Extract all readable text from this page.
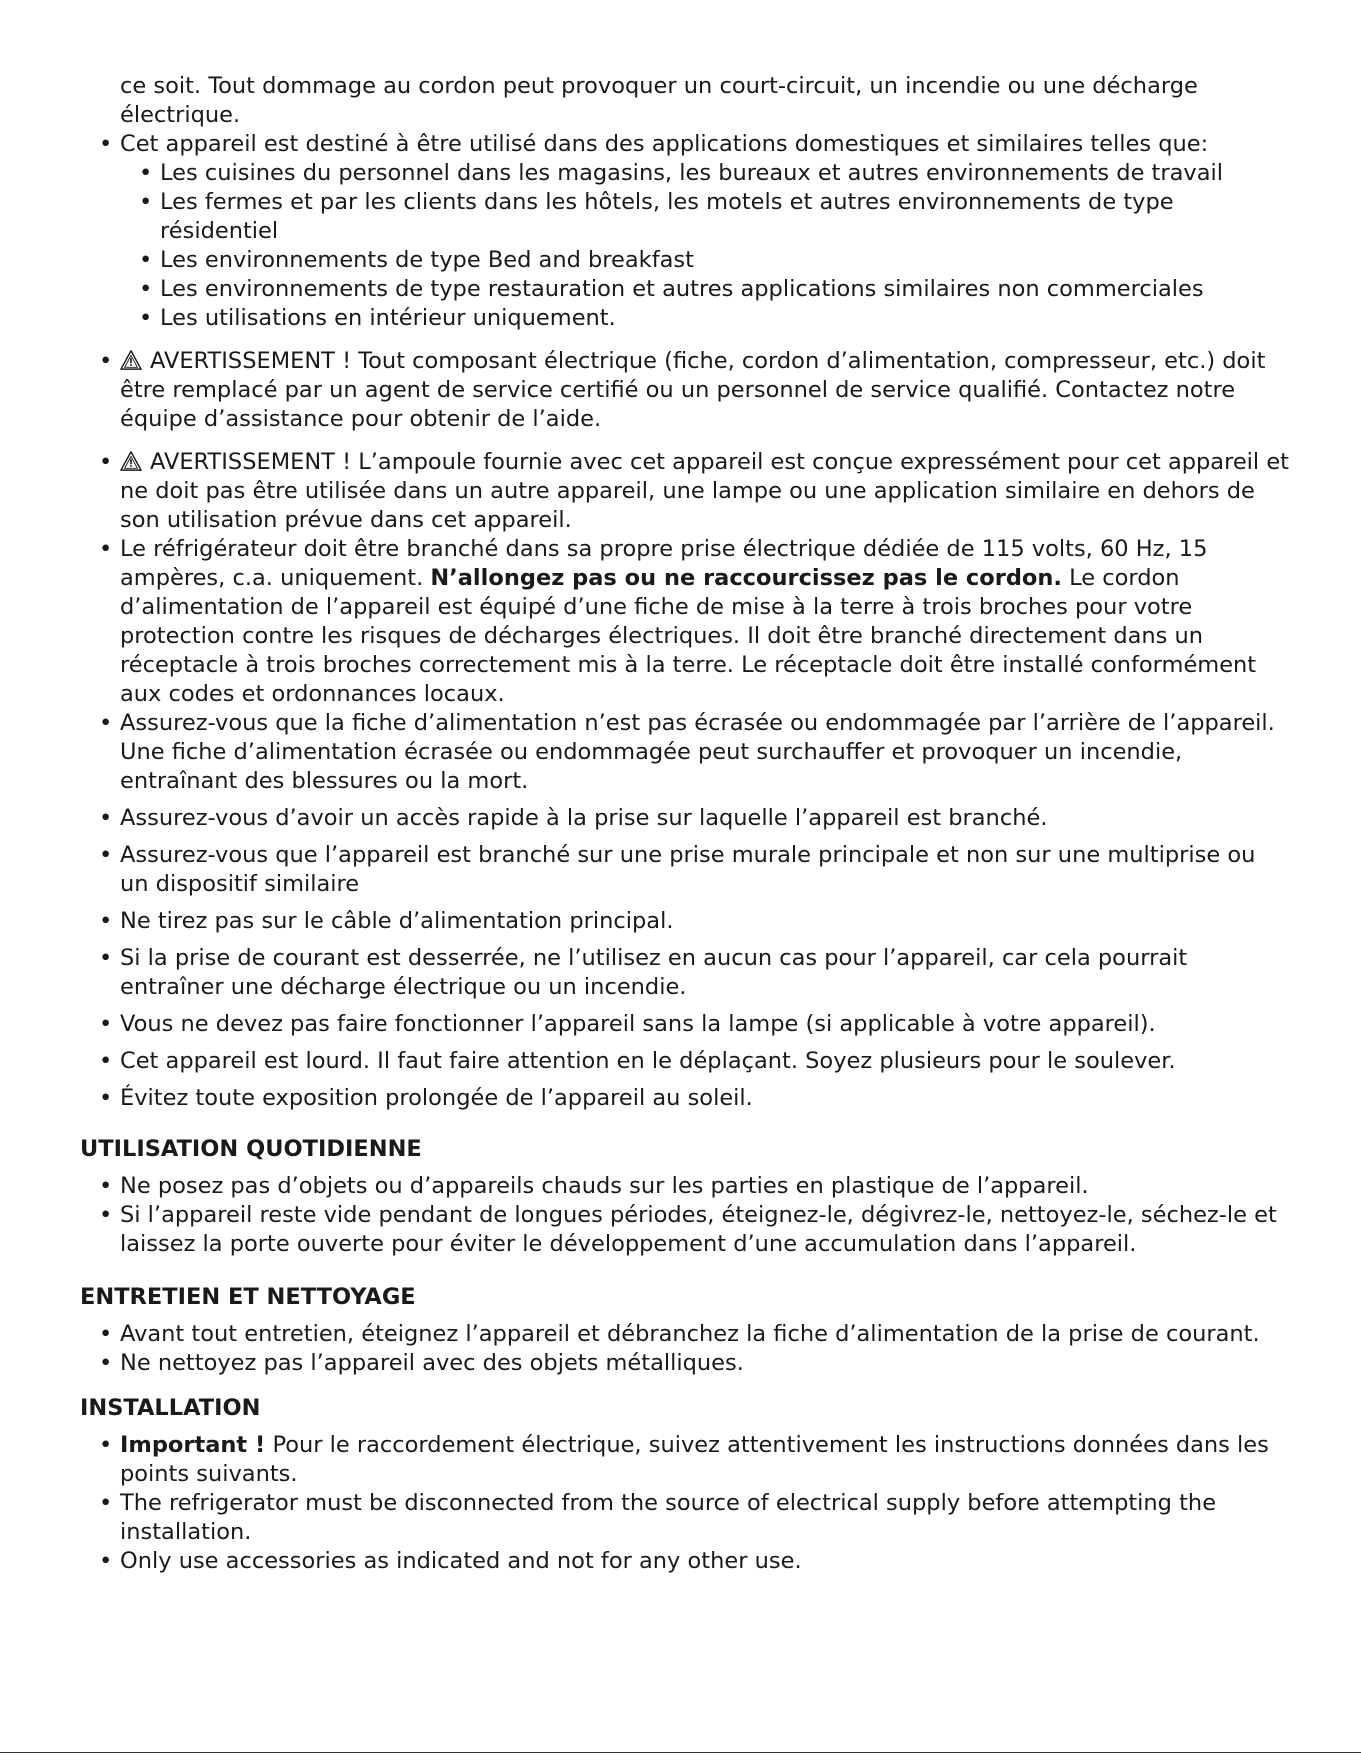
ce soit. Tout dommage au cordon peut provoquer un court-circuit, un incendie ou une décharge
électrique.
• Cet appareil est destiné à être utilisé dans des applications domestiques et similaires telles que:
• Les cuisines du personnel dans les magasins, les bureaux et autres environnements de travail
• Les fermes et par les clients dans les hôtels, les motels et autres environnements de type résidentiel
• Les environnements de type Bed and breakfast
• Les environnements de type restauration et autres applications similaires non commerciales
• Les utilisations en intérieur uniquement.
• AVERTISSEMENT ! Tout composant électrique (fiche, cordon d’alimentation, compresseur, etc.) doit être remplacé par un agent de service certifié ou un personnel de service qualifié. Contactez notre équipe d’assistance pour obtenir de l’aide.
• AVERTISSEMENT ! L’ampoule fournie avec cet appareil est conçue expressément pour cet appareil et ne doit pas être utilisée dans un autre appareil, une lampe ou une application similaire en dehors de son utilisation prévue dans cet appareil.
• Le réfrigérateur doit être branché dans sa propre prise électrique dédiée de 115 volts, 60 Hz, 15 ampères, c.a. uniquement. N’allongez pas ou ne raccourcissez pas le cordon. Le cordon d’alimentation de l’appareil est équipé d’une fiche de mise à la terre à trois broches pour votre protection contre les risques de décharges électriques. Il doit être branché directement dans un réceptacle à trois broches correctement mis à la terre. Le réceptacle doit être installé conformément aux codes et ordonnances locaux.
• Assurez-vous que la fiche d’alimentation n’est pas écrasée ou endommagée par l’arrière de l’appareil. Une fiche d’alimentation écrasée ou endommagée peut surchauffer et provoquer un incendie, entraînant des blessures ou la mort.
• Assurez-vous d’avoir un accès rapide à la prise sur laquelle l’appareil est branché.
• Assurez-vous que l’appareil est branché sur une prise murale principale et non sur une multiprise ou un dispositif similaire
• Ne tirez pas sur le câble d’alimentation principal.
• Si la prise de courant est desserrée, ne l’utilisez en aucun cas pour l’appareil, car cela pourrait entraîner une décharge électrique ou un incendie.
• Vous ne devez pas faire fonctionner l’appareil sans la lampe (si applicable à votre appareil).
• Cet appareil est lourd. Il faut faire attention en le déplaçant. Soyez plusieurs pour le soulever.
• Évitez toute exposition prolongée de l’appareil au soleil.
UTILISATION QUOTIDIENNE
• Ne posez pas d’objets ou d’appareils chauds sur les parties en plastique de l’appareil.
• Si l’appareil reste vide pendant de longues périodes, éteignez-le, dégivrez-le, nettoyez-le, séchez-le et laissez la porte ouverte pour éviter le développement d’une accumulation dans l’appareil.
ENTRETIEN ET NETTOYAGE
• Avant tout entretien, éteignez l’appareil et débranchez la fiche d’alimentation de la prise de courant.
• Ne nettoyez pas l’appareil avec des objets métalliques.
INSTALLATION
• Important ! Pour le raccordement électrique, suivez attentivement les instructions données dans les points suivants.
• The refrigerator must be disconnected from the source of electrical supply before attempting the installation.
• Only use accessories as indicated and not for any other use.
